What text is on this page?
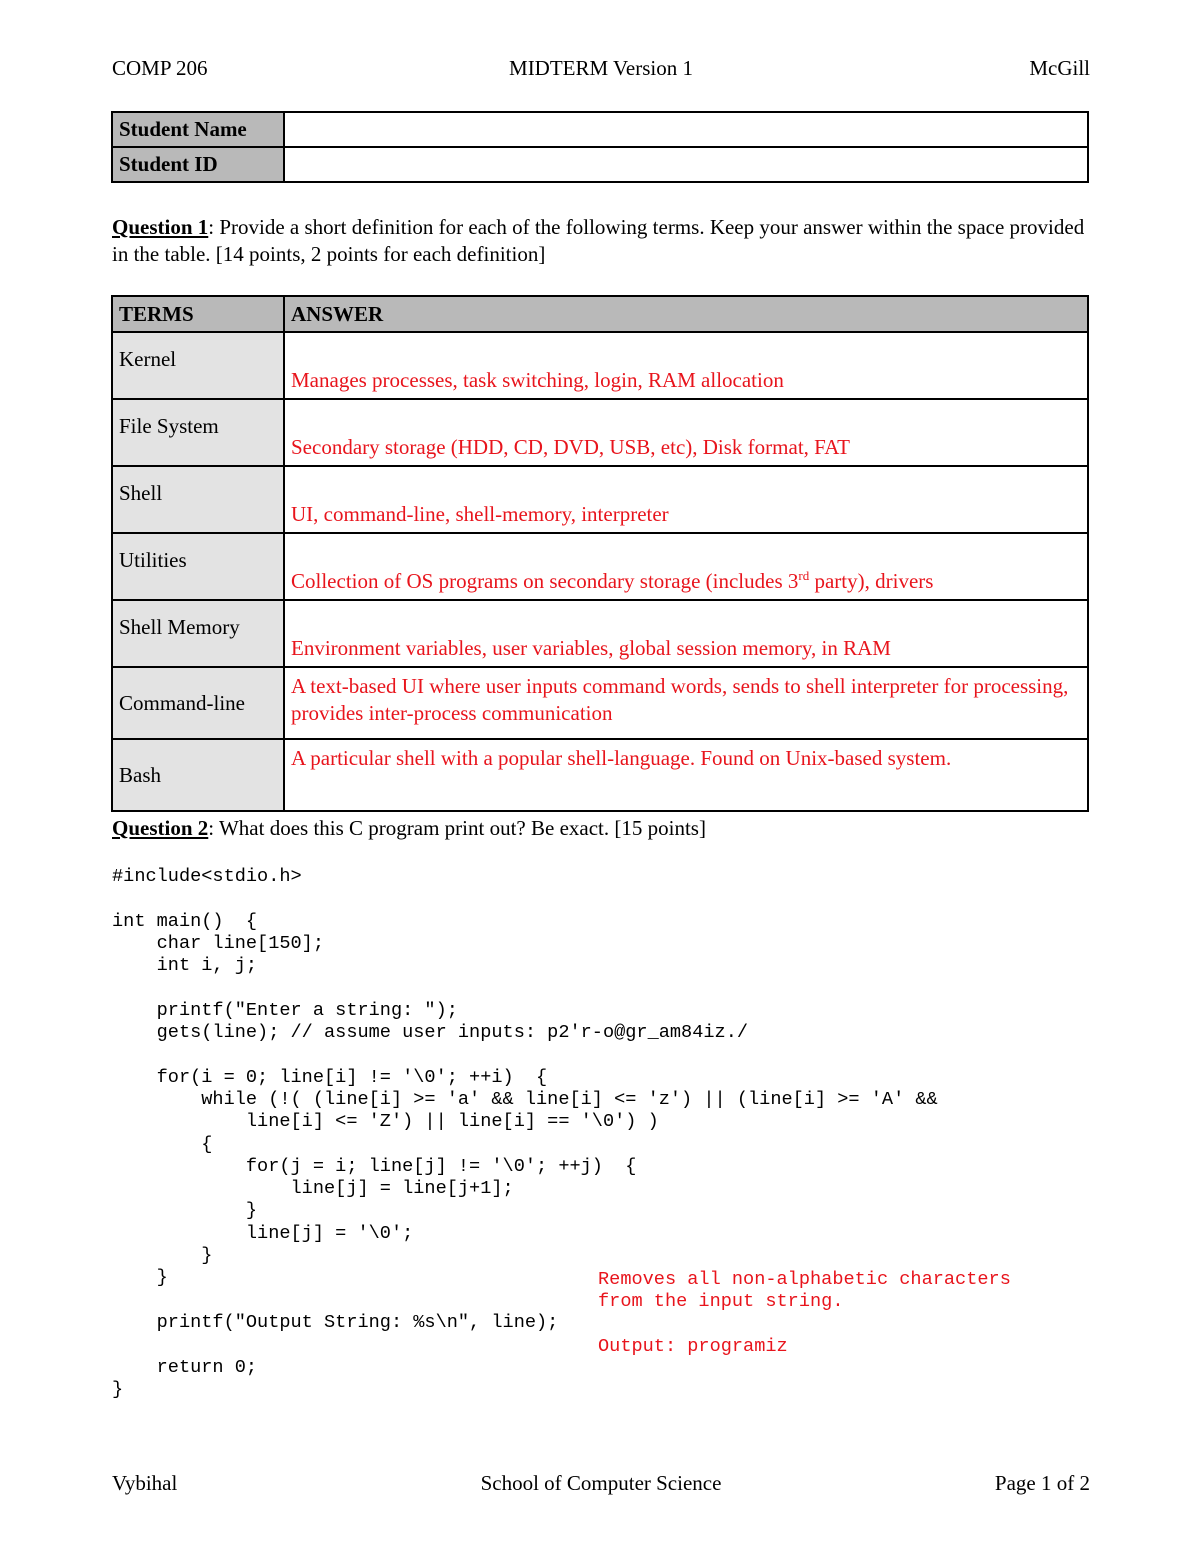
COMP 206	MIDTERM Version 1	McGill
Student Name	
Student ID	
Question 1: Provide a short definition for each of the following terms. Keep your answer within the space provided in the table. [14 points, 2 points for each definition]
TERMS	ANSWER
Kernel	Manages processes, task switching, login, RAM allocation
File System	Secondary storage (HDD, CD, DVD, USB, etc), Disk format, FAT
Shell	UI, command-line, shell-memory, interpreter
Utilities	Collection of OS programs on secondary storage (includes 3rd party), drivers
Shell Memory	Environment variables, user variables, global session memory, in RAM
Command-line	A text-based UI where user inputs command words, sends to shell interpreter for processing, provides inter-process communication
Bash	A particular shell with a popular shell-language. Found on Unix-based system.
Question 2: What does this C program print out? Be exact. [15 points]
#include<stdio.h>

int main()  {
char line[150];
int i, j;

printf("Enter a string: ");
gets(line); // assume user inputs: p2'r-o@gr_am84iz./

for(i = 0; line[i] != '\0'; ++i)  {
while (!( (line[i] >= 'a' && line[i] <= 'z') || (line[i] >= 'A' &&
line[i] <= 'Z') || line[i] == '\0') )
{
for(j = i; line[j] != '\0'; ++j)  {
line[j] = line[j+1];
}
line[j] = '\0';
}
}

printf("Output String: %s\n", line);

return 0;
}
Removes all non-alphabetic characters
from the input string.
Output: programiz
Vybihal	School of Computer Science	Page 1 of 2
